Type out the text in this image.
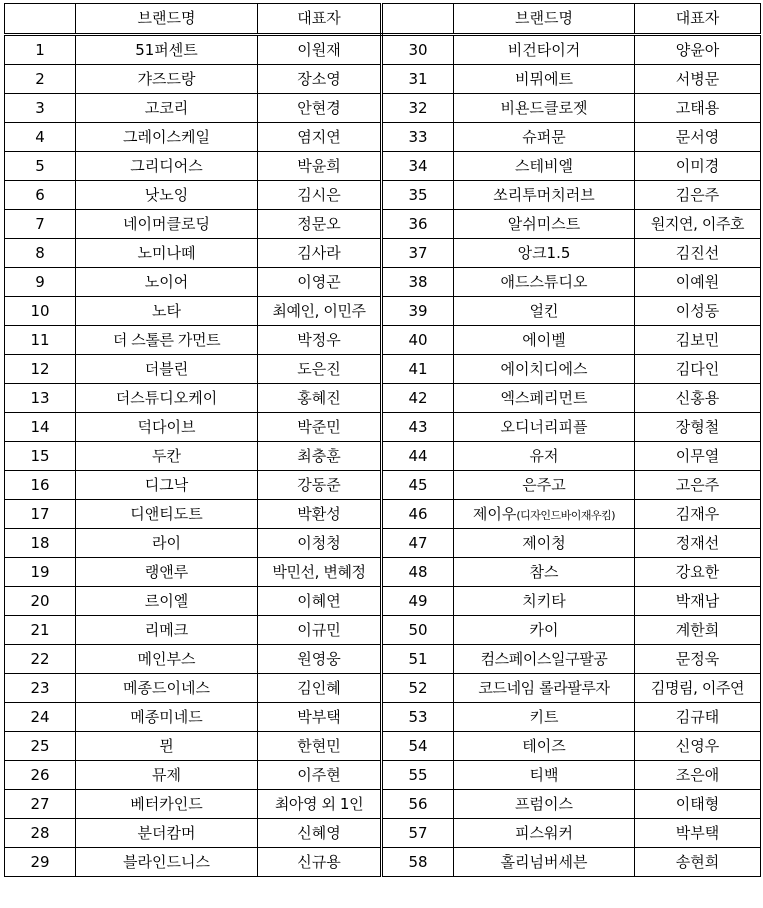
	브랜드명	대표자		브랜드명	대표자
1	51퍼센트	이원재	30	비건타이거	양윤아
2	갸즈드랑	장소영	31	비뮈에트	서병문
3	고코리	안현경	32	비욘드클로젯	고태용
4	그레이스케일	염지연	33	슈퍼문	문서영
5	그리디어스	박윤희	34	스테비엘	이미경
6	낫노잉	김시은	35	쏘리투머치러브	김은주
7	네이머클로딩	정문오	36	알쉬미스트	원지연, 이주호
8	노미나떼	김사라	37	앙크1.5	김진선
9	노이어	이영곤	38	애드스튜디오	이예원
10	노타	최예인, 이민주	39	얼킨	이성동
11	더 스톨른 가먼트	박정우	40	에이벨	김보민
12	더블린	도은진	41	에이치디에스	김다인
13	더스튜디오케이	홍혜진	42	엑스페리먼트	신홍용
14	덕다이브	박준민	43	오디너리피플	장형철
15	두칸	최충훈	44	유저	이무열
16	디그낙	강동준	45	은주고	고은주
17	디앤티도트	박환성	46	제이우(디자인드바이재우킴)	김재우
18	라이	이청청	47	제이청	정재선
19	랭앤루	박민선, 변혜정	48	참스	강요한
20	르이엘	이혜연	49	치키타	박재남
21	리메크	이규민	50	카이	계한희
22	메인부스	원영웅	51	컴스페이스일구팔공	문정욱
23	메종드이네스	김인혜	52	코드네임 롤라팔루자	김명림, 이주연
24	메종미네드	박부택	53	키트	김규태
25	뮌	한현민	54	테이즈	신영우
26	뮤제	이주현	55	티백	조은애
27	베터카인드	최아영 외 1인	56	프럼이스	이태형
28	분더캄머	신혜영	57	피스워커	박부택
29	블라인드니스	신규용	58	홀리넘버세븐	송현희
